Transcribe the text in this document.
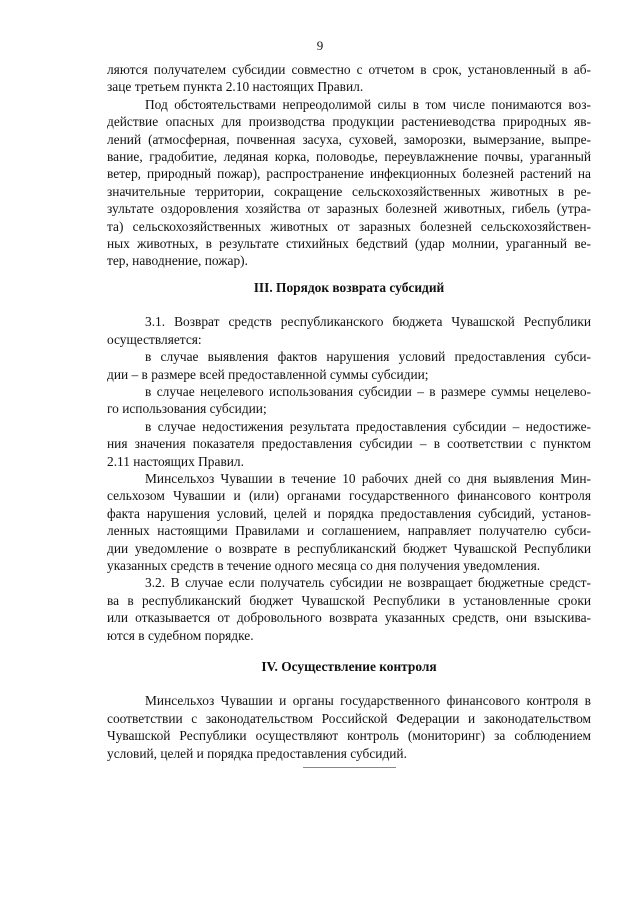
9
ляются получателем субсидии совместно с отчетом в срок, установленный в аб-
заце третьем пункта 2.10 настоящих Правил.
Под обстоятельствами непреодолимой силы в том числе понимаются воз-
действие опасных для производства продукции растениеводства природных яв-
лений (атмосферная, почвенная засуха, суховей, заморозки, вымерзание, выпре-
вание, градобитие, ледяная корка, половодье, переувлажнение почвы, ураганный
ветер, природный пожар), распространение инфекционных болезней растений на
значительные территории, сокращение сельскохозяйственных животных в ре-
зультате оздоровления хозяйства от заразных болезней животных, гибель (утра-
та) сельскохозяйственных животных от заразных болезней сельскохозяйствен-
ных животных, в результате стихийных бедствий (удар молнии, ураганный ве-
тер, наводнение, пожар).
III. Порядок возврата субсидий
3.1. Возврат средств республиканского бюджета Чувашской Республики
осуществляется:
в случае выявления фактов нарушения условий предоставления субси-
дии – в размере всей предоставленной суммы субсидии;
в случае нецелевого использования субсидии – в размере суммы нецелево-
го использования субсидии;
в случае недостижения результата предоставления субсидии – недостиже-
ния значения показателя предоставления субсидии – в соответствии с пунктом
2.11 настоящих Правил.
Минсельхоз Чувашии в течение 10 рабочих дней со дня выявления Мин-
сельхозом Чувашии и (или) органами государственного финансового контроля
факта нарушения условий, целей и порядка предоставления субсидий, установ-
ленных настоящими Правилами и соглашением, направляет получателю субси-
дии уведомление о возврате в республиканский бюджет Чувашской Республики
указанных средств в течение одного месяца со дня получения уведомления.
3.2. В случае если получатель субсидии не возвращает бюджетные средст-
ва в республиканский бюджет Чувашской Республики в установленные сроки
или отказывается от добровольного возврата указанных средств, они взыскива-
ются в судебном порядке.
IV. Осуществление контроля
Минсельхоз Чувашии и органы государственного финансового контроля в
соответствии с законодательством Российской Федерации и законодательством
Чувашской Республики осуществляют контроль (мониторинг) за соблюдением
условий, целей и порядка предоставления субсидий.
